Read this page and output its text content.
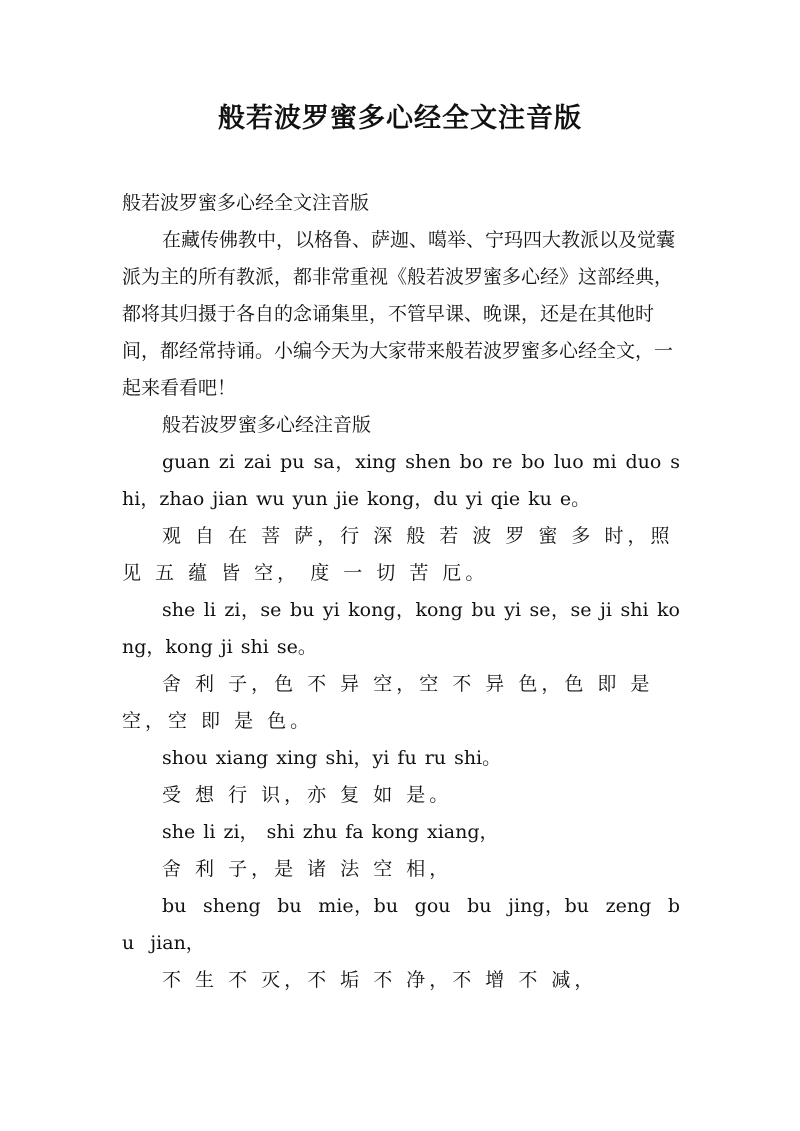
般若波罗蜜多心经全文注音版

般若波罗蜜多心经全文注音版

在藏传佛教中，以格鲁、萨迦、噶举、宁玛四大教派以及觉囊派为主的所有教派，都非常重视《般若波罗蜜多心经》这部经典，都将其归摄于各自的念诵集里，不管早课、晚课，还是在其他时间，都经常持诵。小编今天为大家带来般若波罗蜜多心经全文，一起来看看吧！

般若波罗蜜多心经注音版

guan zi zai pu sa，xing shen bo re bo luo mi duo shi，zhao jian wu yun jie kong，du yi qie ku e。

观 自 在 菩 萨，行 深 般 若 波 罗 蜜 多 时，照 见 五 蕴 皆 空， 度 一 切 苦 厄。

she li zi，se bu yi kong，kong bu yi se，se ji shi kong，kong ji shi se。

舍 利 子，色 不 异 空，空 不 异 色，色 即 是 空，空 即 是 色。

shou xiang xing shi，yi fu ru shi。

受 想 行 识，亦 复 如 是。

she li zi， shi zhu fa kong xiang，

舍 利 子，是 诸 法 空 相，

bu sheng bu mie，bu gou bu jing，bu zeng bu jian，

不 生 不 灭，不 垢 不 净，不 增 不 减，
